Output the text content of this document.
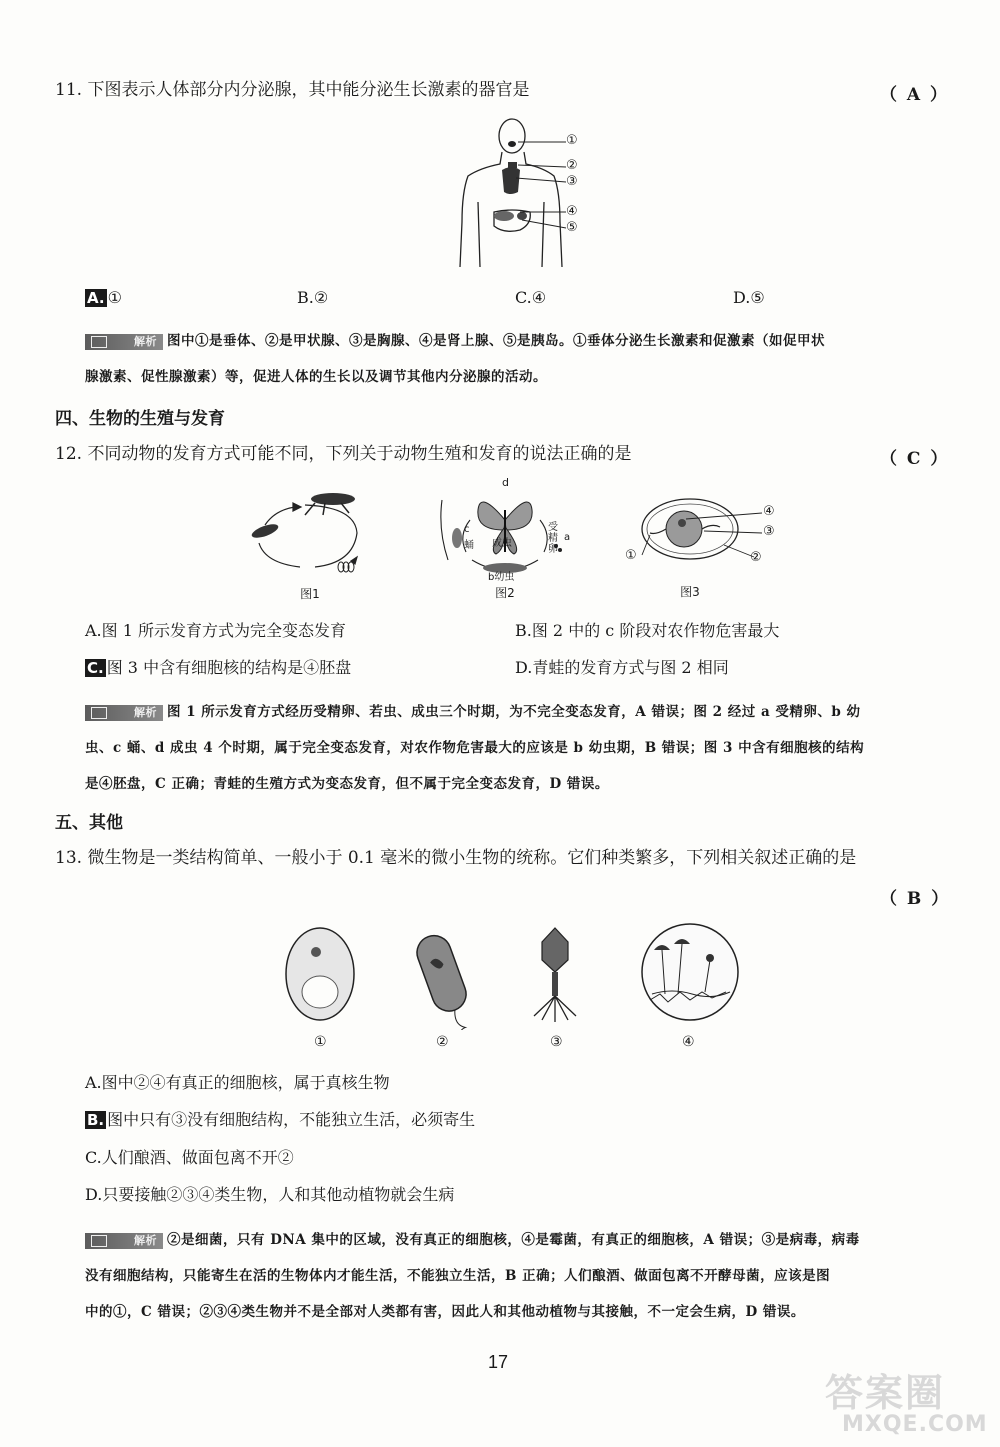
11. 下图表示人体部分内分泌腺，其中能分泌生长激素的器官是	（ A ）
①
②
③
④
⑤
A. ①	B.②	C.④	D.⑤
解析 图中①是垂体、②是甲状腺、③是胸腺、④是肾上腺、⑤是胰岛。①垂体分泌生长激素和促激素（如促甲状
腺激素、促性腺激素）等，促进人体的生长以及调节其他内分泌腺的活动。
四、生物的生殖与发育
12. 不同动物的发育方式可能不同，下列关于动物生殖和发育的说法正确的是	（ C ）
图1
d
c
蛹 成虫
受精卵
a
b幼虫
图2
④
③
①	②
图3
A.图 1 所示发育方式为完全变态发育	B.图 2 中的 c 阶段对农作物危害最大
C. 图 3 中含有细胞核的结构是④胚盘	D.青蛙的发育方式与图 2 相同
解析 图 1 所示发育方式经历受精卵、若虫、成虫三个时期，为不完全变态发育，A 错误；图 2 经过 a 受精卵、b 幼
虫、c 蛹、d 成虫 4 个时期，属于完全变态发育，对农作物危害最大的应该是 b 幼虫期，B 错误；图 3 中含有细胞核的结构
是④胚盘，C 正确；青蛙的生殖方式为变态发育，但不属于完全变态发育，D 错误。
五、其他
13. 微生物是一类结构简单、一般小于 0.1 毫米的微小生物的统称。它们种类繁多，下列相关叙述正确的是
（ B ）
①	②	③	④
A.图中②④有真正的细胞核，属于真核生物
B. 图中只有③没有细胞结构，不能独立生活，必须寄生
C.人们酿酒、做面包离不开②
D.只要接触②③④类生物，人和其他动植物就会生病
解析 ②是细菌，只有 DNA 集中的区域，没有真正的细胞核，④是霉菌，有真正的细胞核，A 错误；③是病毒，病毒
没有细胞结构，只能寄生在活的生物体内才能生活，不能独立生活，B 正确；人们酿酒、做面包离不开酵母菌，应该是图
中的①，C 错误；②③④类生物并不是全部对人类都有害，因此人和其他动植物与其接触，不一定会生病，D 错误。
17
答案圈
MXQE.COM
